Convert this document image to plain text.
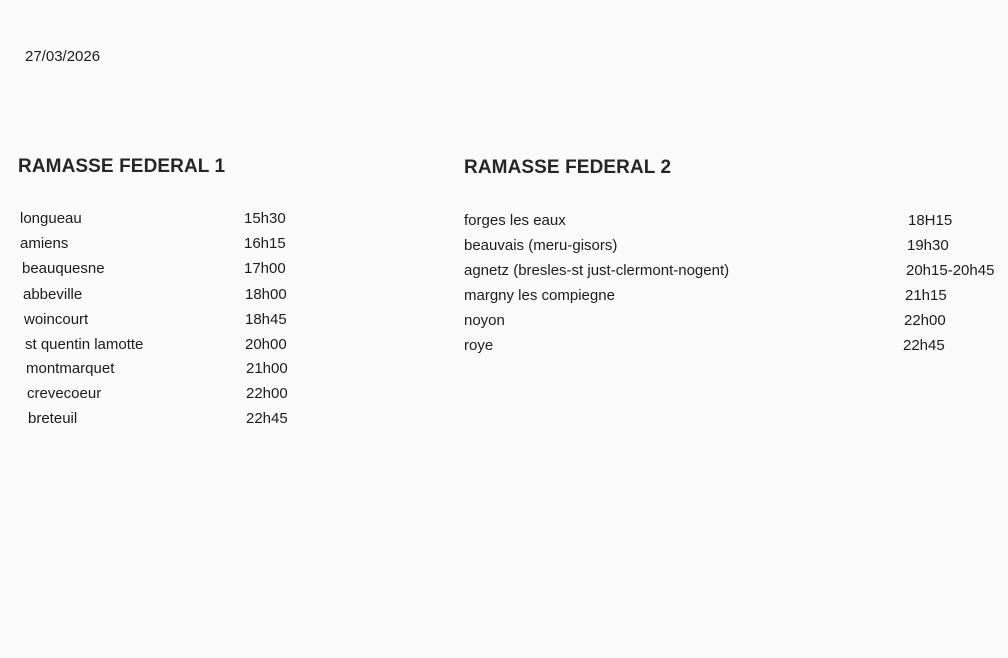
27/03/2026
RAMASSE FEDERAL 1	RAMASSE FEDERAL 2
longueau	15h30
amiens	16h15
beauquesne	17h00
abbeville	18h00
woincourt	18h45
st quentin lamotte	20h00
montmarquet	21h00
crevecoeur	22h00
breteuil	22h45
forges les eaux	18H15
beauvais (meru-gisors)	19h30
agnetz (bresles-st just-clermont-nogent)	20h15-20h45
margny les compiegne	21h15
noyon	22h00
roye	22h45
